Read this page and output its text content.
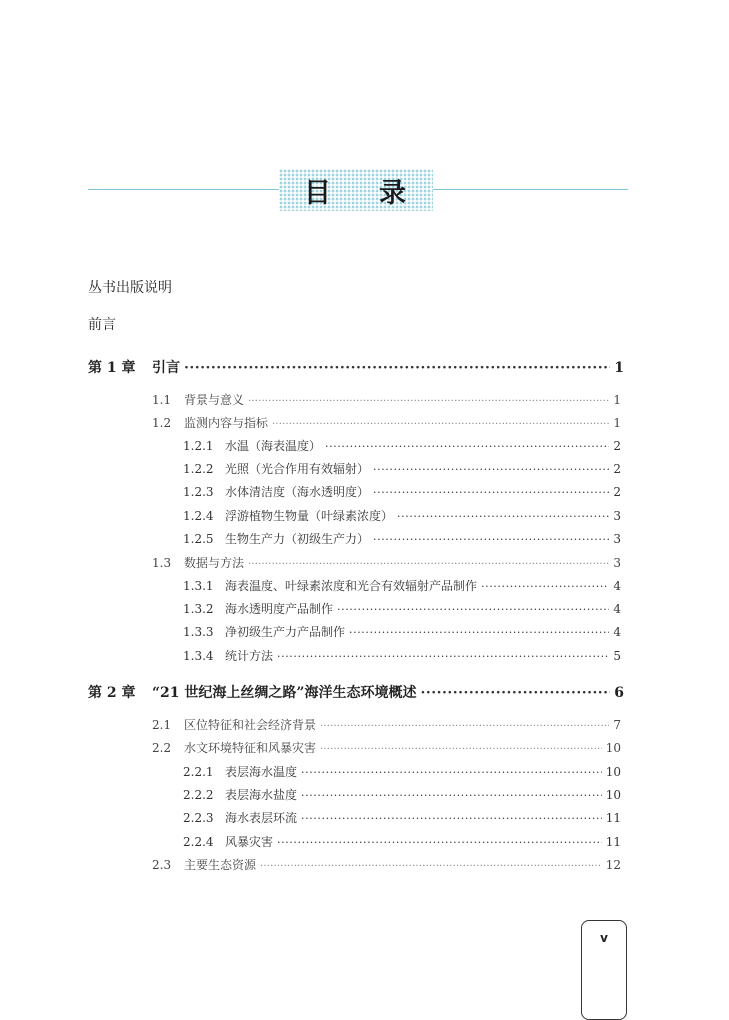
目 录
丛书出版说明
前言
第 1 章	引言 ·····	1
1.1	背景与意义 ·····	1
1.2	监测内容与指标 ·····	1
1.2.1 水温（海表温度） ·····	2
1.2.2 光照（光合作用有效辐射） ·····	2
1.2.3 水体清洁度（海水透明度） ·····	2
1.2.4 浮游植物生物量（叶绿素浓度） ·····	3
1.2.5 生物生产力（初级生产力） ·····	3
1.3	数据与方法 ·····	3
1.3.1 海表温度、叶绿素浓度和光合有效辐射产品制作 ·····	4
1.3.2 海水透明度产品制作 ·····	4
1.3.3 净初级生产力产品制作 ·····	4
1.3.4 统计方法 ·····	5
第 2 章	“21 世纪海上丝绸之路”海洋生态环境概述 ·····	6
2.1	区位特征和社会经济背景 ·····	7
2.2	水文环境特征和风暴灾害 ·····	10
2.2.1 表层海水温度 ·····	10
2.2.2 表层海水盐度 ·····	10
2.2.3 海水表层环流 ·····	11
2.2.4 风暴灾害 ·····	11
2.3	主要生态资源 ·····	12
v
